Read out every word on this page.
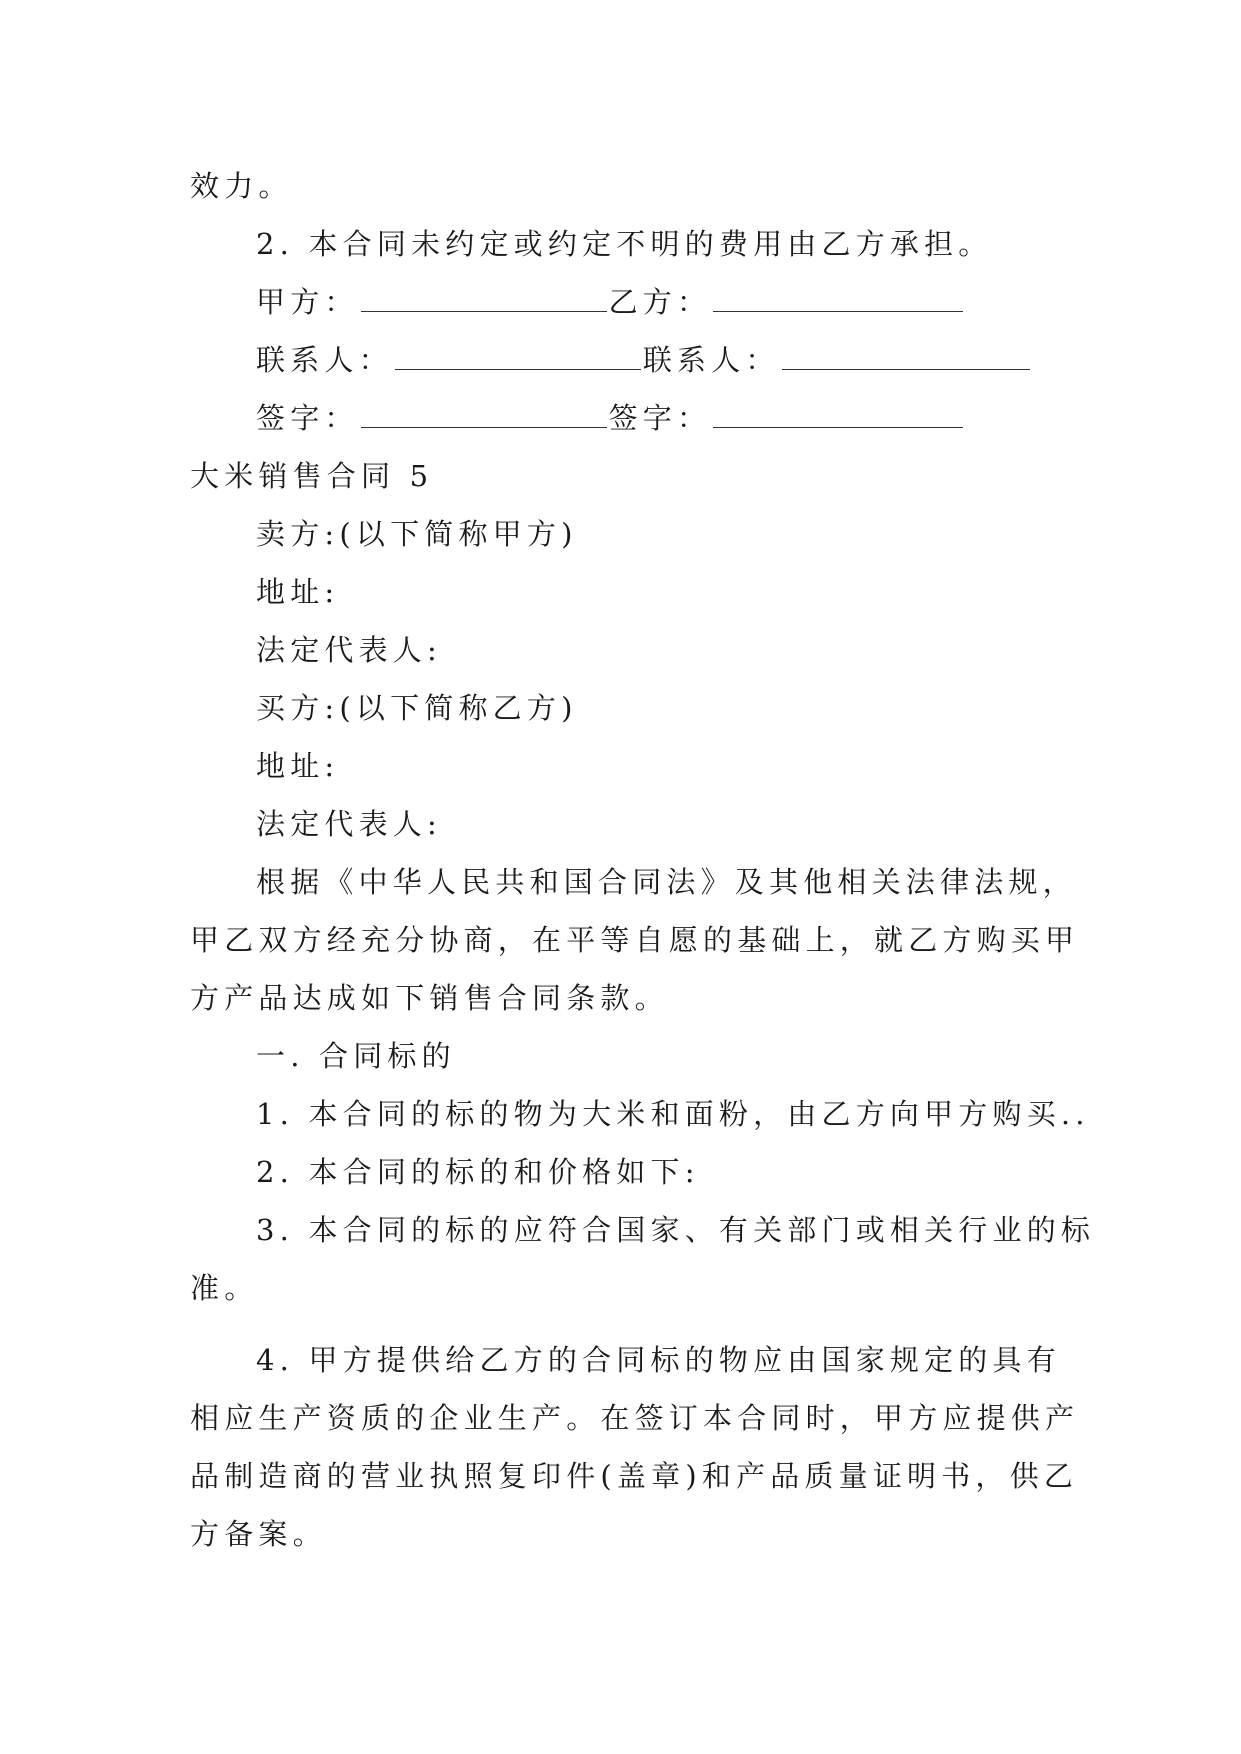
效力。
2. 本合同未约定或约定不明的费用由乙方承担。
甲方：	乙方：
联系人：	联系人：
签字：	签字：
大米销售合同 5
卖方:(以下简称甲方)
地址:
法定代表人:
买方:(以下简称乙方)
地址:
法定代表人:
根据《中华人民共和国合同法》及其他相关法律法规，
甲乙双方经充分协商，在平等自愿的基础上，就乙方购买甲
方产品达成如下销售合同条款。
一. 合同标的
1. 本合同的标的物为大米和面粉，由乙方向甲方购买..
2. 本合同的标的和价格如下:
3. 本合同的标的应符合国家、有关部门或相关行业的标
准。
4. 甲方提供给乙方的合同标的物应由国家规定的具有
相应生产资质的企业生产。在签订本合同时，甲方应提供产
品制造商的营业执照复印件(盖章)和产品质量证明书，供乙
方备案。
